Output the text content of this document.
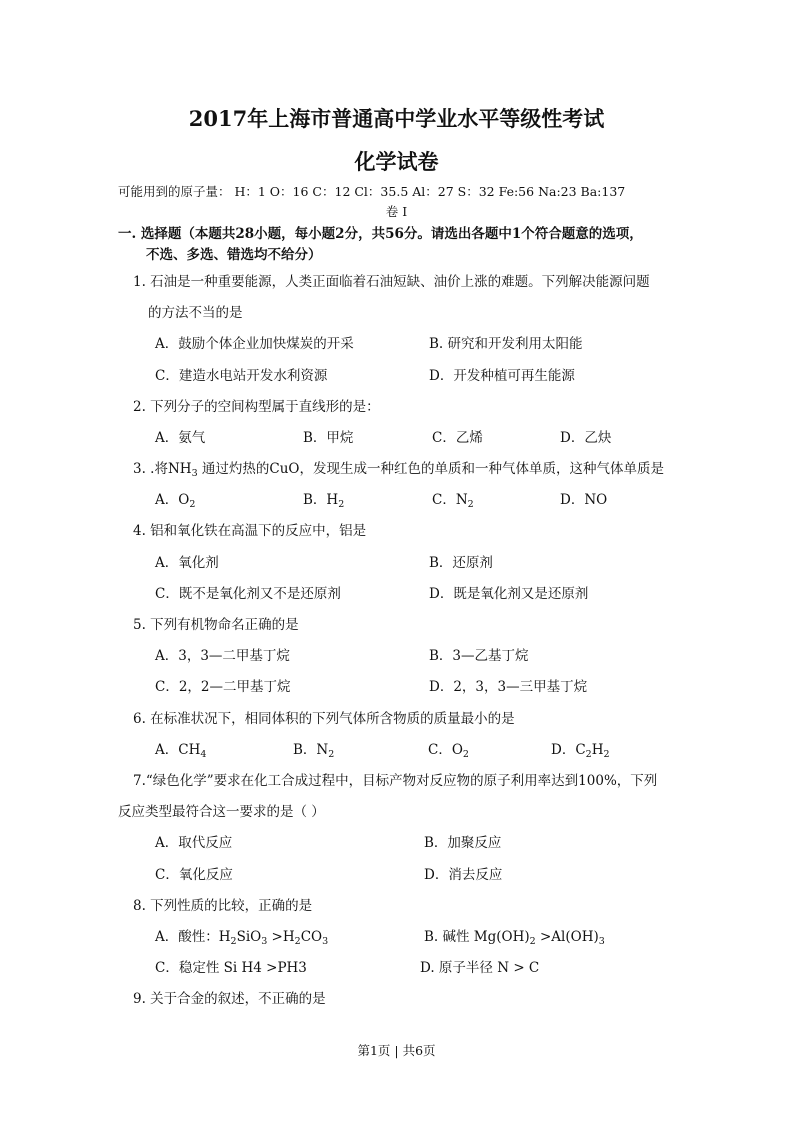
2017年上海市普通高中学业水平等级性考试
化学试卷
可能用到的原子量： H：1 O：16 C：12 Cl：35.5 Al：27 S：32 Fe:56 Na:23 Ba:137
卷 I
一. 选择题（本题共28小题，每小题2分，共56分。请选出各题中1个符合题意的选项，
不选、多选、错选均不给分）
1. 石油是一种重要能源，人类正面临着石油短缺、油价上涨的难题。下列解决能源问题
的方法不当的是
A．鼓励个体企业加快煤炭的开采	B. 研究和开发利用太阳能
C．建造水电站开发水利资源	D．开发种植可再生能源
2. 下列分子的空间构型属于直线形的是：
A．氨气	B．甲烷	C．乙烯	D．乙炔
3. .将$NH_3$ 通过灼热的CuO，发现生成一种红色的单质和一种气体单质，这种气体单质是
A．$O_2$	B．$H_2$	C．$N_2$	D．NO
4. 铝和氧化铁在高温下的反应中，铝是
A．氧化剂	B．还原剂
C．既不是氧化剂又不是还原剂	D．既是氧化剂又是还原剂
5. 下列有机物命名正确的是
A．3，3—二甲基丁烷	B．3—乙基丁烷
C．2，2—二甲基丁烷	D．2，3，3—三甲基丁烷
6. 在标准状况下，相同体积的下列气体所含物质的质量最小的是
A．$CH_4$	B．$N_2$	C．$O_2$	D．$C_2H_2$
7.“绿色化学”要求在化工合成过程中，目标产物对反应物的原子利用率达到100%，下列
反应类型最符合这一要求的是（ ）
A．取代反应	B．加聚反应
C．氧化反应	D．消去反应
8. 下列性质的比较，正确的是
A．酸性：$H_2SiO_3 >H_2CO_3$	B. 碱性 $Mg(OH)_2 >Al(OH)_3$
C．稳定性 Si H4 >PH3	D. 原子半径 N > C
9. 关于合金的叙述，不正确的是
第1页 | 共6页
